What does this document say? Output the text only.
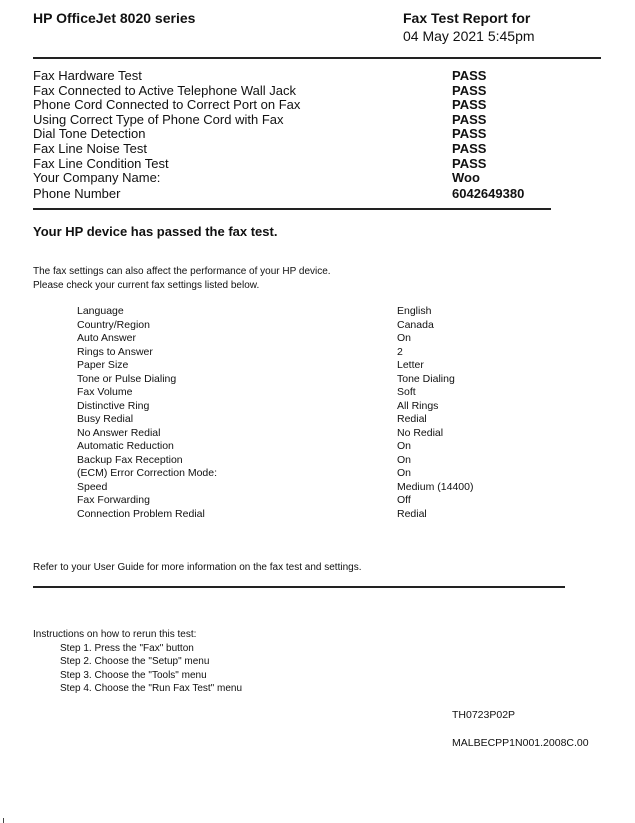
HP OfficeJet 8020 series	Fax Test Report for
04 May 2021 5:45pm
Fax Hardware Test	PASS
Fax Connected to Active Telephone Wall Jack	PASS
Phone Cord Connected to Correct Port on Fax	PASS
Using Correct Type of Phone Cord with Fax	PASS
Dial Tone Detection	PASS
Fax Line Noise Test	PASS
Fax Line Condition Test	PASS
Your Company Name:	Woo
Phone Number	6042649380
Your HP device has passed the fax test.
The fax settings can also affect the performance of your HP device.
Please check your current fax settings listed below.
Language	English
Country/Region	Canada
Auto Answer	On
Rings to Answer	2
Paper Size	Letter
Tone or Pulse Dialing	Tone Dialing
Fax Volume	Soft
Distinctive Ring	All Rings
Busy Redial	Redial
No Answer Redial	No Redial
Automatic Reduction	On
Backup Fax Reception	On
(ECM) Error Correction Mode:	On
Speed	Medium (14400)
Fax Forwarding	Off
Connection Problem Redial	Redial
Refer to your User Guide for more information on the fax test and settings.
Instructions on how to rerun this test:
Step 1. Press the "Fax" button
Step 2. Choose the "Setup" menu
Step 3. Choose the "Tools" menu
Step 4. Choose the "Run Fax Test" menu
TH0723P02P
MALBECPP1N001.2008C.00
